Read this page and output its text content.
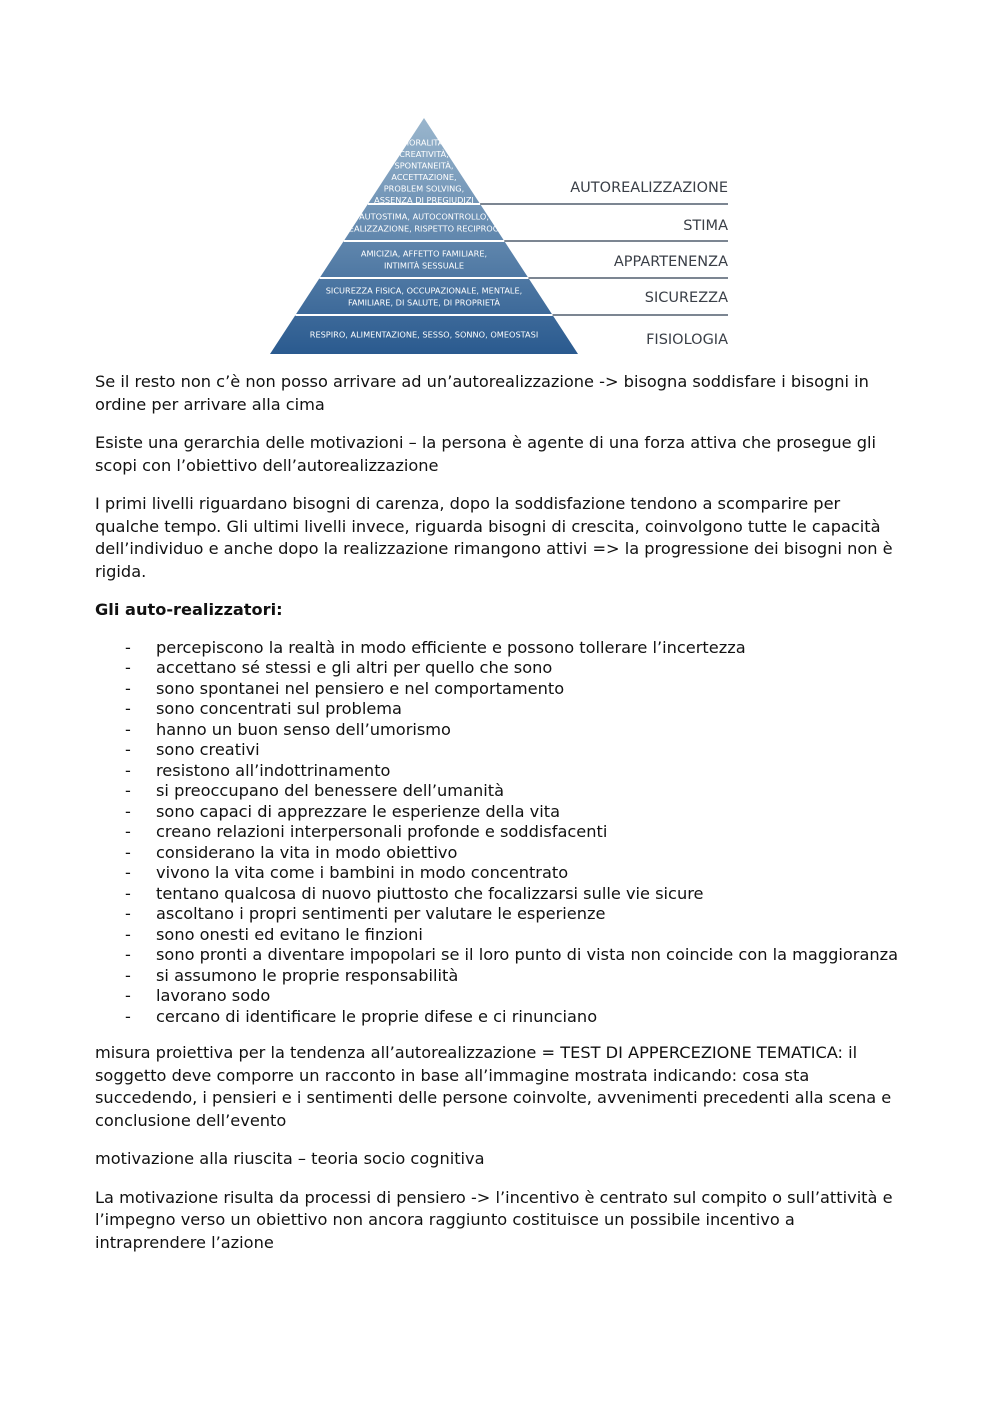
MORALITÀ,
CREATIVITÀ,
SPONTANEITÀ,
ACCETTAZIONE,
PROBLEM SOLVING,
ASSENZA DI PREGIUDIZI
AUTOREALIZZAZIONE
AUTOSTIMA, AUTOCONTROLLO,
REALIZZAZIONE, RISPETTO RECIPROCO	STIMA
AMICIZIA, AFFETTO FAMILIARE,
INTIMITÀ SESSUALE	APPARTENENZA
SICUREZZA FISICA, OCCUPAZIONALE, MENTALE,
FAMILIARE, DI SALUTE, DI PROPRIETÀ	SICUREZZA
RESPIRO, ALIMENTAZIONE, SESSO, SONNO, OMEOSTASI	FISIOLOGIA

Se il resto non c’è non posso arrivare ad un’autorealizzazione -> bisogna soddisfare i bisogni in ordine per arrivare alla cima

Esiste una gerarchia delle motivazioni – la persona è agente di una forza attiva che prosegue gli scopi con l’obiettivo dell’autorealizzazione

I primi livelli riguardano bisogni di carenza, dopo la soddisfazione tendono a scomparire per qualche tempo. Gli ultimi livelli invece, riguarda bisogni di crescita, coinvolgono tutte le capacità dell’individuo e anche dopo la realizzazione rimangono attivi => la progressione dei bisogni non è rigida.

Gli auto-realizzatori:

- percepiscono la realtà in modo efficiente e possono tollerare l’incertezza
- accettano sé stessi e gli altri per quello che sono
- sono spontanei nel pensiero e nel comportamento
- sono concentrati sul problema
- hanno un buon senso dell’umorismo
- sono creativi
- resistono all’indottrinamento
- si preoccupano del benessere dell’umanità
- sono capaci di apprezzare le esperienze della vita
- creano relazioni interpersonali profonde e soddisfacenti
- considerano la vita in modo obiettivo
- vivono la vita come i bambini in modo concentrato
- tentano qualcosa di nuovo piuttosto che focalizzarsi sulle vie sicure
- ascoltano i propri sentimenti per valutare le esperienze
- sono onesti ed evitano le finzioni
- sono pronti a diventare impopolari se il loro punto di vista non coincide con la maggioranza
- si assumono le proprie responsabilità
- lavorano sodo
- cercano di identificare le proprie difese e ci rinunciano

misura proiettiva per la tendenza all’autorealizzazione = TEST DI APPERCEZIONE TEMATICA: il soggetto deve comporre un racconto in base all’immagine mostrata indicando: cosa sta succedendo, i pensieri e i sentimenti delle persone coinvolte, avvenimenti precedenti alla scena e conclusione dell’evento

motivazione alla riuscita – teoria socio cognitiva

La motivazione risulta da processi di pensiero -> l’incentivo è centrato sul compito o sull’attività e l’impegno verso un obiettivo non ancora raggiunto costituisce un possibile incentivo a intraprendere l’azione
